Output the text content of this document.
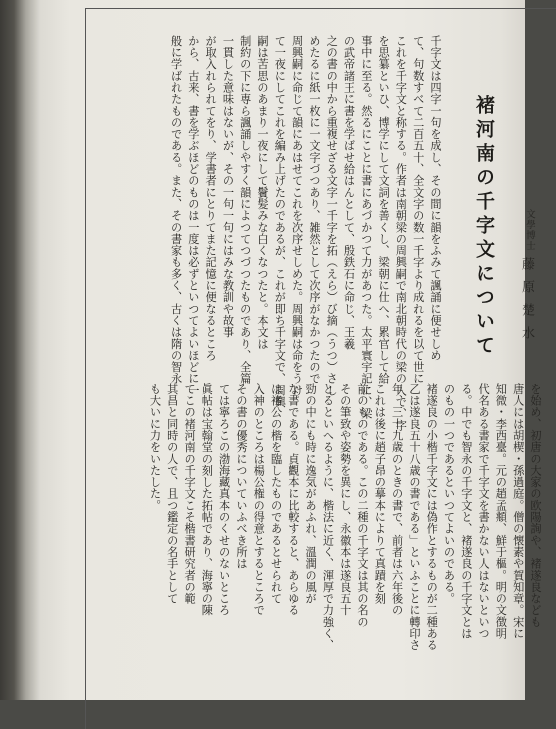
褚河南の千字文について	文學博士
藤原楚水
千字文は四字一句を成し、その間に韻をふみて諷誦に便せしめ
て、句数すべて二百五十、全文字の数一千字より成れるを以て世に
これを千字文と称する。作者は南朝梁の周興嗣で南北朝時代の梁の人で、字
を思纂といひ、博学にして文詞を善くし、梁朝に仕へ、累官して給
事中に至る。然るにことに書にあづかつて力があつた。太平寰宇記に、梁
の武帝諸王に書を学ばせ給はんとして、殷鉄石に命じ、王羲
之の書の中から重複せざる文字一千字を拓（えら）び摘（うつ）さし
めたるに紙一枚に一文字づつあり、雑然として次序がなかつたので
周興嗣に命じて韻にあはせてこれを次序せしめた。周興嗣は命をうけ
て一夜にしてこれを編み上げたのであるが、これが即ち千字文で、周興
嗣は苦思のあまり一夜にして鬢髪みな白くなつたと。本文は
制約の下に専ら諷誦しやすく韻によつてつづつたものであり、全篇
一貫した意味はないが、その一句一句にはみな教訓や故事
が取入れられてをり、学書者にとりてまた記憶に便なるところ
から、古来、書を学ぶほどのものは一度は必ずといつてよいほどに一
般に学ばれたものである。また、その書家も多く、古くは隋の智永
を始め、初唐の大家の欧陽詢や、褚遂良なども
唐人には胡楔・孫過庭。僧の懐素や賀知章。宋に
知微・李西臺。元の趙孟頫、鮮于樞。明の文徴明
代名ある書家で千字文を書かない人はないといつ
る。中でも智永の千字文と、褚遂良の千字文とは
のもの一つであるといつてよいのである。
褚遂良の小楷千字文には偽作とするものが二種ある
乙は遂良五十八歳の書である」といふことに轉印さ
年、三十九歳のときの書で、前者は六年後の
これは後に趙子昂の摹本によりて真蹟を刻
前のものである。この二種の千字文は其の名の
その筆致や姿勢を異にし、永徽本は遂良五十
とるといへるように、楷法に近く、渾厚で力強く、
勁の中にも時に逸気があふれ、溫潤の風が
な書である。貞觀本に比較すると、あらゆる
は褚公の楷を臨したものであるとせられて
入神のところは楊公権の得意とするところで
その書の優秀についていふべき所は
ては寧ろこの渤海藏真本のくせのないところ
眞帖は宝翰堂の刻した拓帖であり、海寧の陳
てこの褚河南の千字文こそ楷書研究者の範
其昌と同時の人で、且つ鑑定の名手として
も大いに力をいたした。
